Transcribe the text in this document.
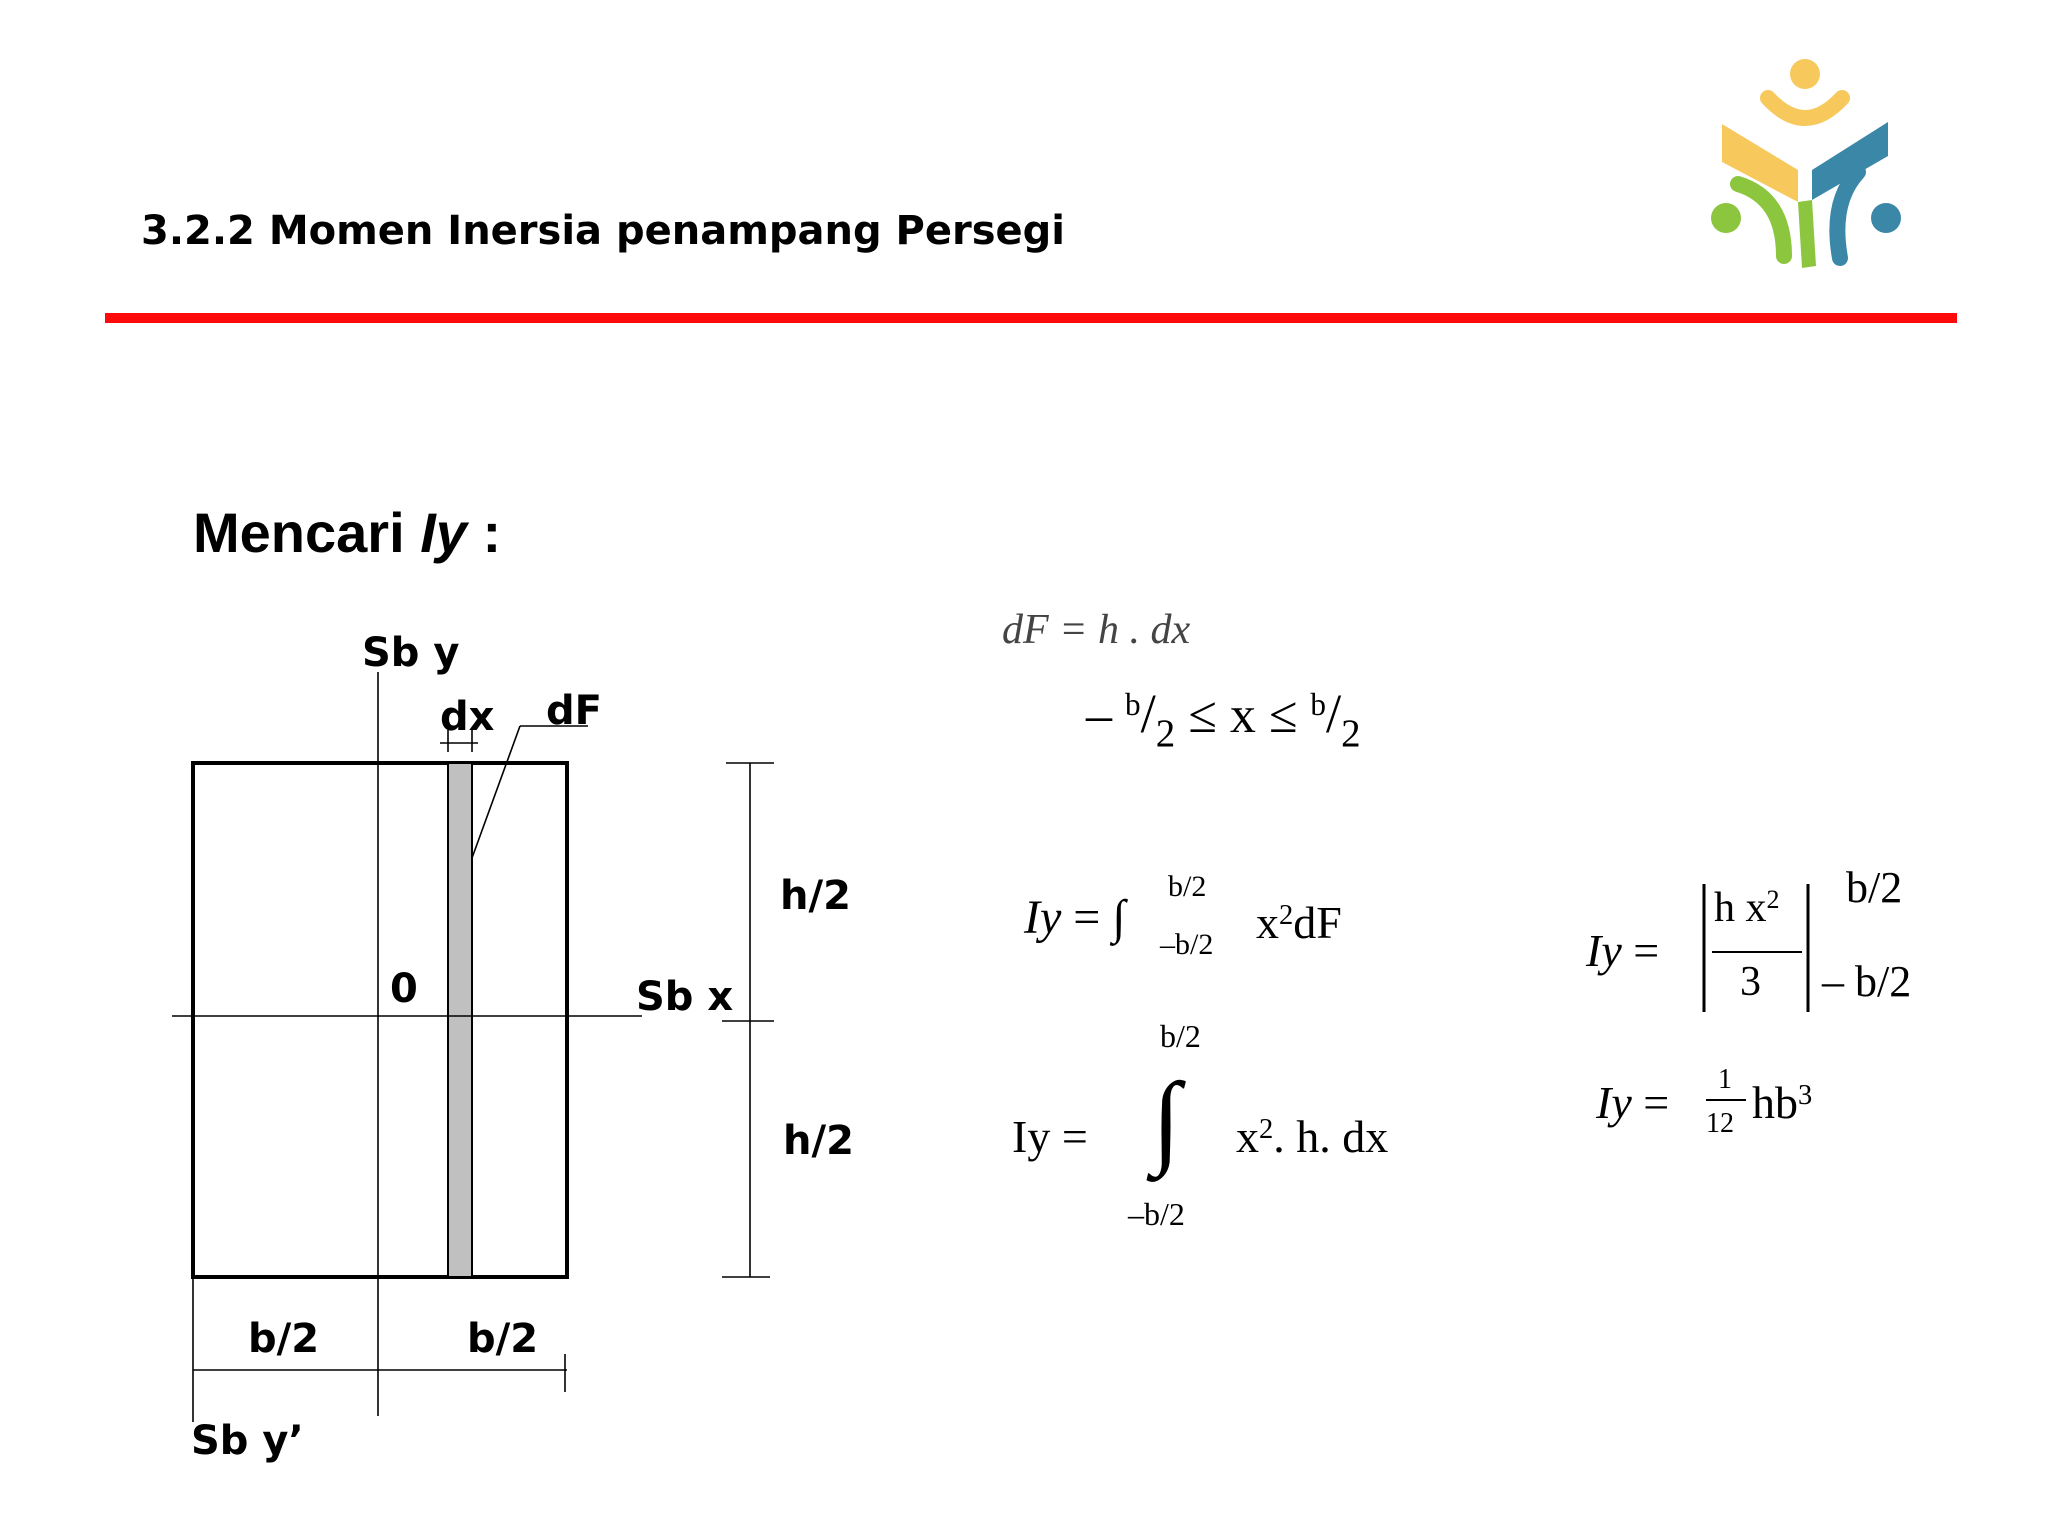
3.2.2 Momen Inersia penampang Persegi
Mencari Iy :
Sb y
dx dF
h/2
0	Sb x
h/2
b/2	b/2
Sb y’
dF = h . dx
– $^b/_2 \le x \le ^b/_2$
Iy = ∫
b/2
–b/2 $x^2dF$
Iy =
b/2
∫
–b/2
$x^2$. h. dx
Iy =
h $x^2$
3
b/2
– b/2
Iy = 1
12 $hb^3$
